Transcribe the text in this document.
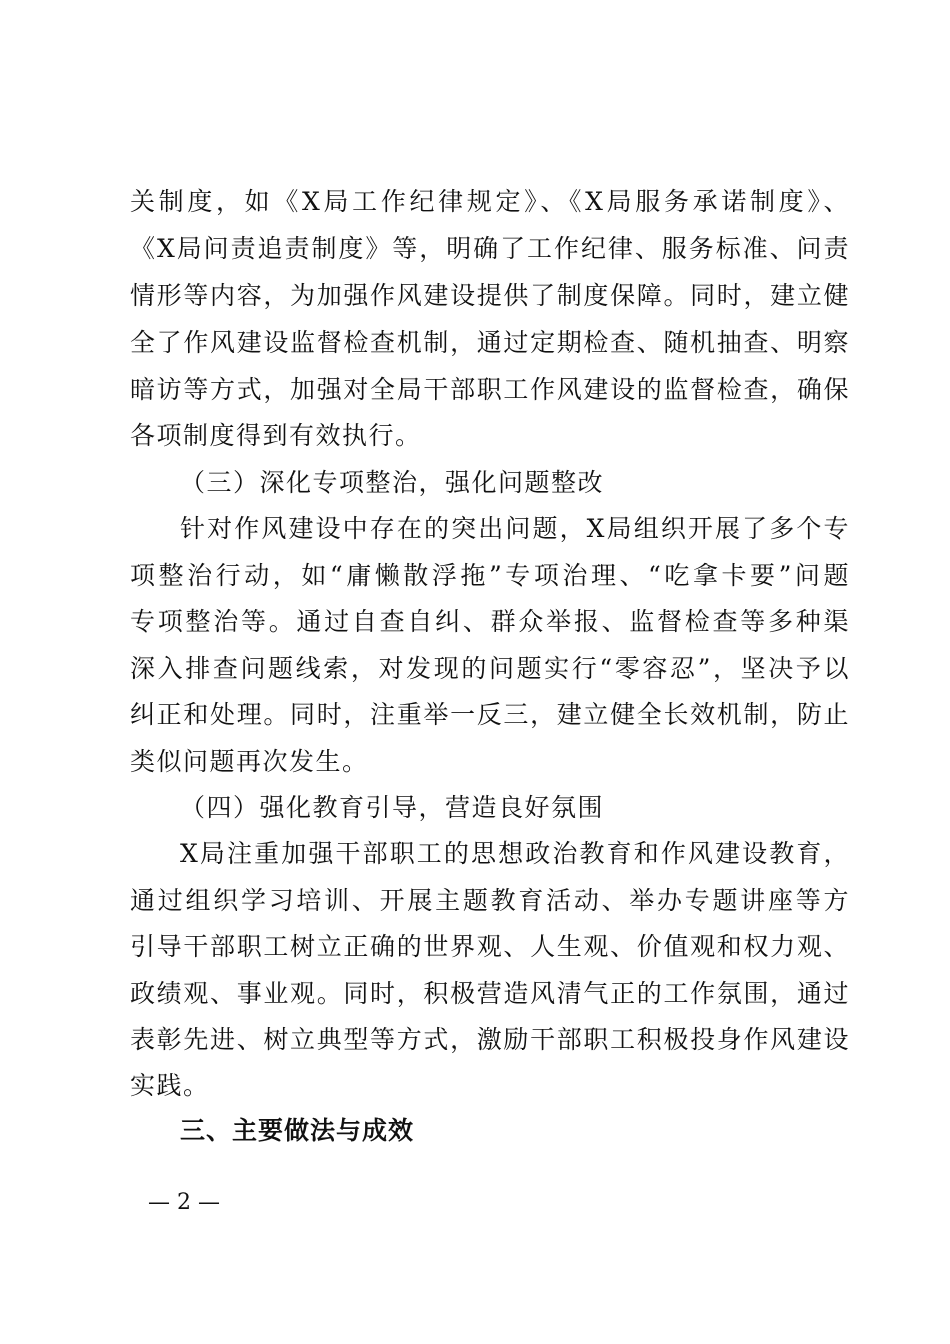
关制度，如《X局工作纪律规定》、《X局服务承诺制度》、
《X局问责追责制度》等，明确了工作纪律、服务标准、问责
情形等内容，为加强作风建设提供了制度保障。同时，建立健
全了作风建设监督检查机制，通过定期检查、随机抽查、明察
暗访等方式，加强对全局干部职工作风建设的监督检查，确保
各项制度得到有效执行。
（三）深化专项整治，强化问题整改
针对作风建设中存在的突出问题，X局组织开展了多个专
项整治行动，如“庸懒散浮拖”专项治理、“吃拿卡要”问题
专项整治等。通过自查自纠、群众举报、监督检查等多种渠
深入排查问题线索，对发现的问题实行“零容忍”，坚决予以
纠正和处理。同时，注重举一反三，建立健全长效机制，防止
类似问题再次发生。
（四）强化教育引导，营造良好氛围
X局注重加强干部职工的思想政治教育和作风建设教育，
通过组织学习培训、开展主题教育活动、举办专题讲座等方
引导干部职工树立正确的世界观、人生观、价值观和权力观、
政绩观、事业观。同时，积极营造风清气正的工作氛围，通过
表彰先进、树立典型等方式，激励干部职工积极投身作风建设
实践。
三、主要做法与成效
— 2 —
